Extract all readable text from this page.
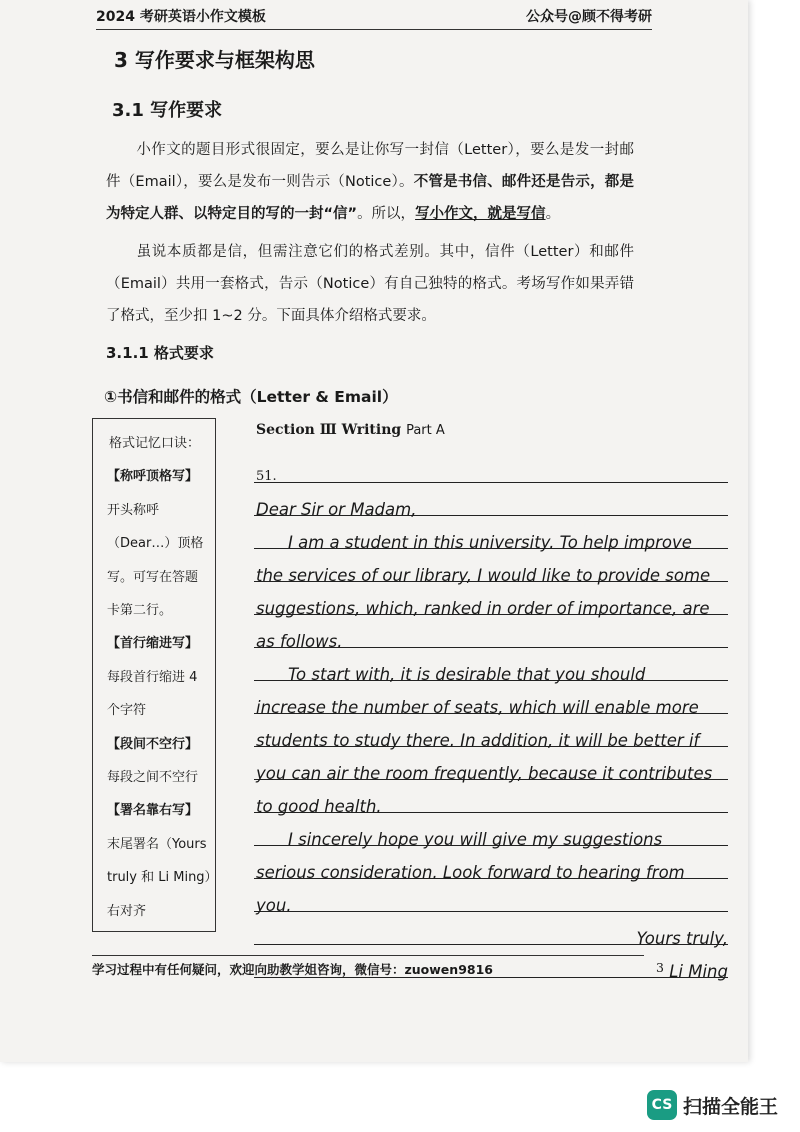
2024 考研英语小作文模板	公众号@顾不得考研
3 写作要求与框架构思
3.1 写作要求
小作文的题目形式很固定，要么是让你写一封信（Letter），要么是发一封邮件（Email），要么是发布一则告示（Notice）。不管是书信、邮件还是告示，都是为特定人群、以特定目的写的一封“信”。所以，写小作文，就是写信。
虽说本质都是信，但需注意它们的格式差别。其中，信件（Letter）和邮件（Email）共用一套格式，告示（Notice）有自己独特的格式。考场写作如果弄错了格式，至少扣 1~2 分。下面具体介绍格式要求。
3.1.1 格式要求
①书信和邮件的格式（Letter & Email）
格式记忆口诀：
【称呼顶格写】
开头称呼
（Dear…）顶格
写。可写在答题
卡第二行。
【首行缩进写】
每段首行缩进 4
个字符
【段间不空行】
每段之间不空行
【署名靠右写】
末尾署名（Yours
truly 和 Li Ming）
右对齐
Section Ⅲ Writing Part A
51.
Dear Sir or Madam,
I am a student in this university. To help improve
the services of our library, I would like to provide some
suggestions, which, ranked in order of importance, are
as follows.
To start with, it is desirable that you should
increase the number of seats, which will enable more
students to study there. In addition, it will be better if
you can air the room frequently, because it contributes
to good health.
I sincerely hope you will give my suggestions
serious consideration. Look forward to hearing from
you.
Yours truly,
Li Ming
学习过程中有任何疑问，欢迎向助教学姐咨询，微信号：zuowen9816	3
CS 扫描全能王
